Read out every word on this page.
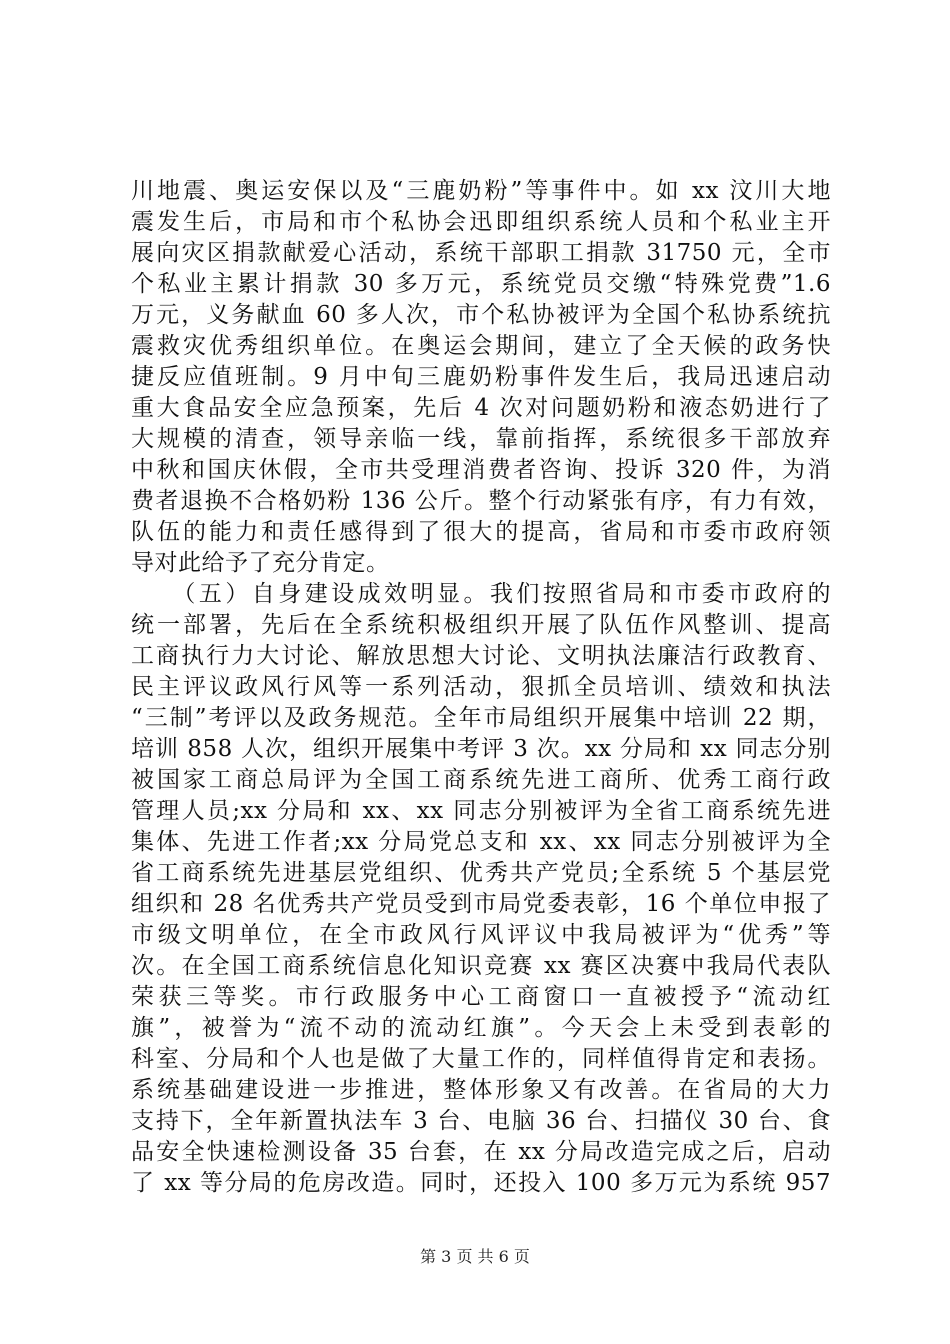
川地震、奥运安保以及“三鹿奶粉”等事件中。如 xx 汶川大地
震发生后，市局和市个私协会迅即组织系统人员和个私业主开
展向灾区捐款献爱心活动，系统干部职工捐款 31750 元，全市
个私业主累计捐款 30 多万元，系统党员交缴“特殊党费”1.6
万元，义务献血 60 多人次，市个私协被评为全国个私协系统抗
震救灾优秀组织单位。在奥运会期间，建立了全天候的政务快
捷反应值班制。9 月中旬三鹿奶粉事件发生后，我局迅速启动
重大食品安全应急预案，先后 4 次对问题奶粉和液态奶进行了
大规模的清查，领导亲临一线，靠前指挥，系统很多干部放弃
中秋和国庆休假，全市共受理消费者咨询、投诉 320 件，为消
费者退换不合格奶粉 136 公斤。整个行动紧张有序，有力有效，
队伍的能力和责任感得到了很大的提高，省局和市委市政府领
导对此给予了充分肯定。
　　（五）自身建设成效明显。我们按照省局和市委市政府的
统一部署，先后在全系统积极组织开展了队伍作风整训、提高
工商执行力大讨论、解放思想大讨论、文明执法廉洁行政教育、
民主评议政风行风等一系列活动，狠抓全员培训、绩效和执法
“三制”考评以及政务规范。全年市局组织开展集中培训 22 期，
培训 858 人次，组织开展集中考评 3 次。xx 分局和 xx 同志分别
被国家工商总局评为全国工商系统先进工商所、优秀工商行政
管理人员;xx 分局和 xx、xx 同志分别被评为全省工商系统先进
集体、先进工作者;xx 分局党总支和 xx、xx 同志分别被评为全
省工商系统先进基层党组织、优秀共产党员;全系统 5 个基层党
组织和 28 名优秀共产党员受到市局党委表彰，16 个单位申报了
市级文明单位，在全市政风行风评议中我局被评为“优秀”等
次。在全国工商系统信息化知识竞赛 xx 赛区决赛中我局代表队
荣获三等奖。市行政服务中心工商窗口一直被授予“流动红
旗”，被誉为“流不动的流动红旗”。今天会上未受到表彰的
科室、分局和个人也是做了大量工作的，同样值得肯定和表扬。
系统基础建设进一步推进，整体形象又有改善。在省局的大力
支持下，全年新置执法车 3 台、电脑 36 台、扫描仪 30 台、食
品安全快速检测设备 35 台套，在 xx 分局改造完成之后，启动
了 xx 等分局的危房改造。同时，还投入 100 多万元为系统 957
第 3 页 共 6 页
